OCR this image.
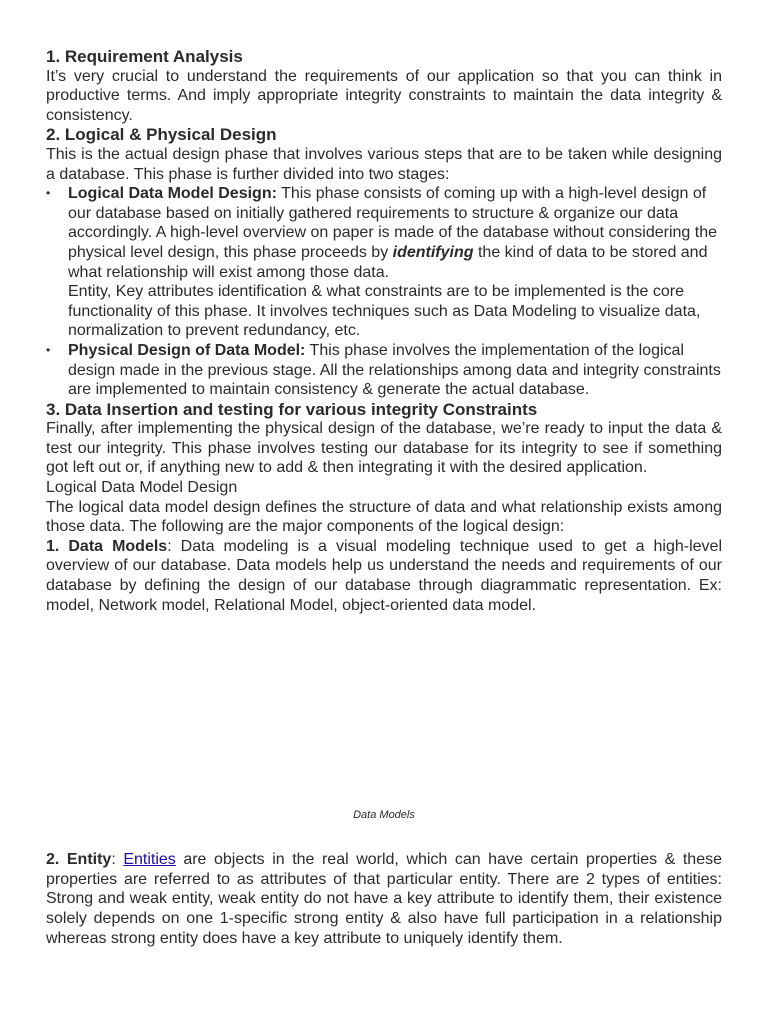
1. Requirement Analysis

It’s very crucial to understand the requirements of our application so that you can think in productive terms. And imply appropriate integrity constraints to maintain the data integrity & consistency.

2. Logical & Physical Design

This is the actual design phase that involves various steps that are to be taken while designing a database. This phase is further divided into two stages:

• Logical Data Model Design: This phase consists of coming up with a high-level design of our database based on initially gathered requirements to structure & organize our data accordingly. A high-level overview on paper is made of the database without considering the physical level design, this phase proceeds by identifying the kind of data to be stored and what relationship will exist among those data.
Entity, Key attributes identification & what constraints are to be implemented is the core functionality of this phase. It involves techniques such as Data Modeling to visualize data, normalization to prevent redundancy, etc.
• Physical Design of Data Model: This phase involves the implementation of the logical design made in the previous stage. All the relationships among data and integrity constraints are implemented to maintain consistency & generate the actual database.
3. Data Insertion and testing for various integrity Constraints

Finally, after implementing the physical design of the database, we’re ready to input the data & test our integrity. This phase involves testing our database for its integrity to see if something got left out or, if anything new to add & then integrating it with the desired application.

Logical Data Model Design

The logical data model design defines the structure of data and what relationship exists among those data. The following are the major components of the logical design:

1. Data Models: Data modeling is a visual modeling technique used to get a high-level overview of our database. Data models help us understand the needs and requirements of our database by defining the design of our database through diagrammatic representation. Ex: model, Network model, Relational Model, object-oriented data model.

Data Models

2. Entity: Entities are objects in the real world, which can have certain properties & these properties are referred to as attributes of that particular entity. There are 2 types of entities: Strong and weak entity, weak entity do not have a key attribute to identify them, their existence solely depends on one 1-specific strong entity & also have full participation in a relationship whereas strong entity does have a key attribute to uniquely identify them.
